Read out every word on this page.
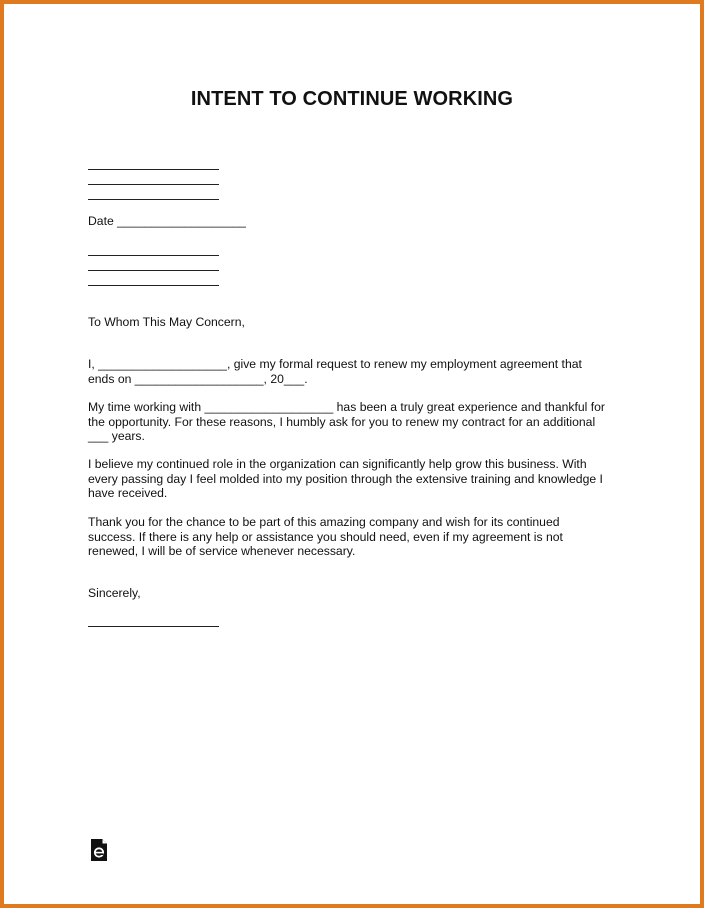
INTENT TO CONTINUE WORKING
Date ___________________
To Whom This May Concern,
I, ___________________, give my formal request to renew my employment agreement that
ends on ___________________, 20___.
My time working with ___________________ has been a truly great experience and thankful for
the opportunity. For these reasons, I humbly ask for you to renew my contract for an additional
___ years.
I believe my continued role in the organization can significantly help grow this business. With
every passing day I feel molded into my position through the extensive training and knowledge I
have received.
Thank you for the chance to be part of this amazing company and wish for its continued
success. If there is any help or assistance you should need, even if my agreement is not
renewed, I will be of service whenever necessary.
Sincerely,
